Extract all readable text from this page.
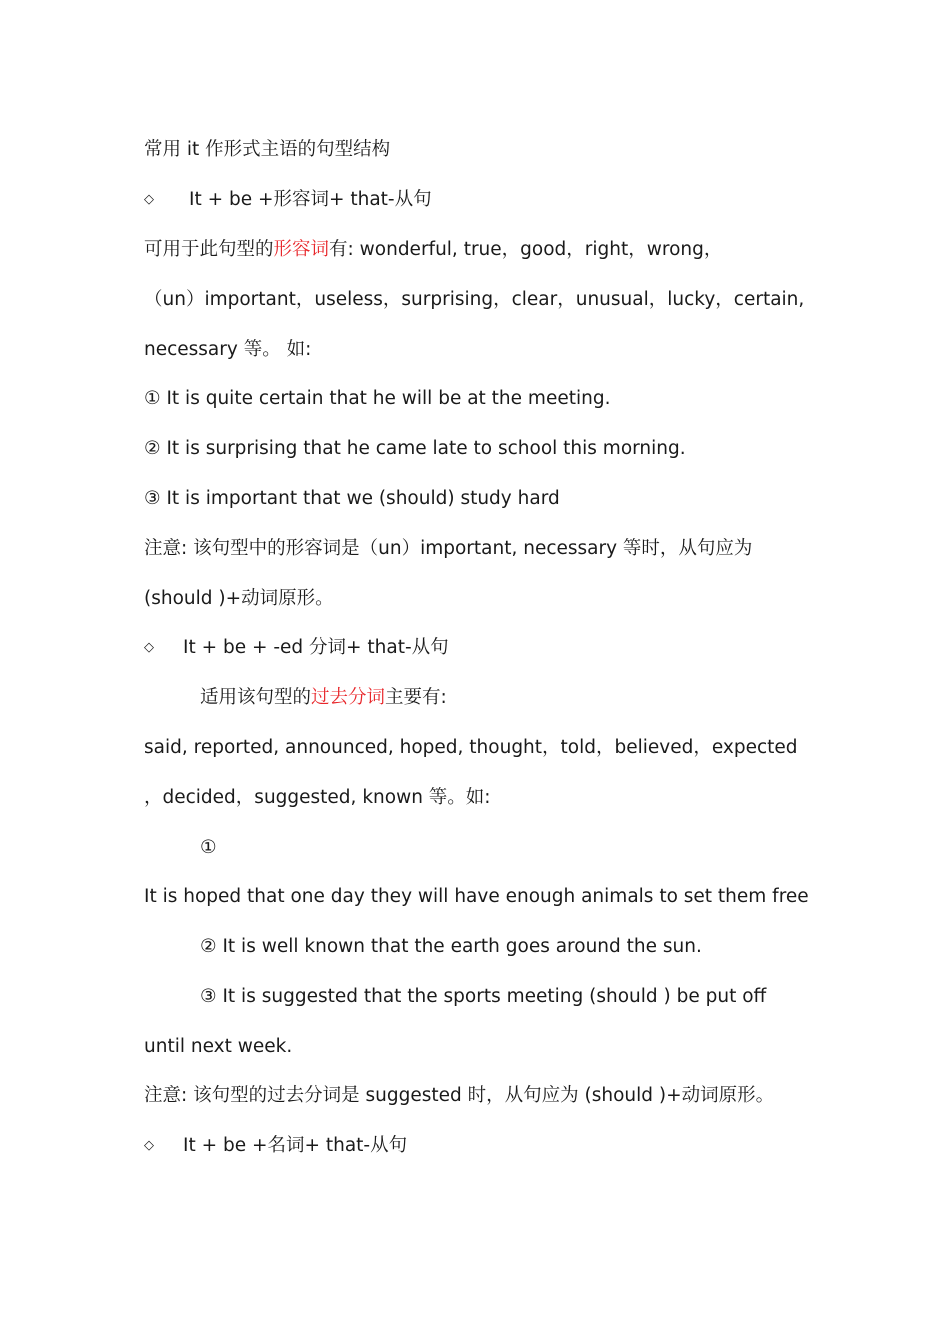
常用 it 作形式主语的句型结构
◇ It + be +形容词+ that-从句
可用于此句型的形容词有: wonderful, true，good，right，wrong，
（un）important，useless，surprising，clear，unusual，lucky，certain,
necessary 等。 如:
① It is quite certain that he will be at the meeting.
② It is surprising that he came late to school this morning.
③ It is important that we (should) study hard
注意: 该句型中的形容词是（un）important, necessary 等时，从句应为
(should )+动词原形。
◇ It + be + -ed 分词+ that-从句
适用该句型的过去分词主要有:
said, reported, announced, hoped, thought，told，believed，expected
，decided，suggested, known 等。如:
①
It is hoped that one day they will have enough animals to set them free
② It is well known that the earth goes around the sun.
③ It is suggested that the sports meeting (should ) be put off
until next week.
注意: 该句型的过去分词是 suggested 时，从句应为 (should )+动词原形。
◇ It + be +名词+ that-从句
